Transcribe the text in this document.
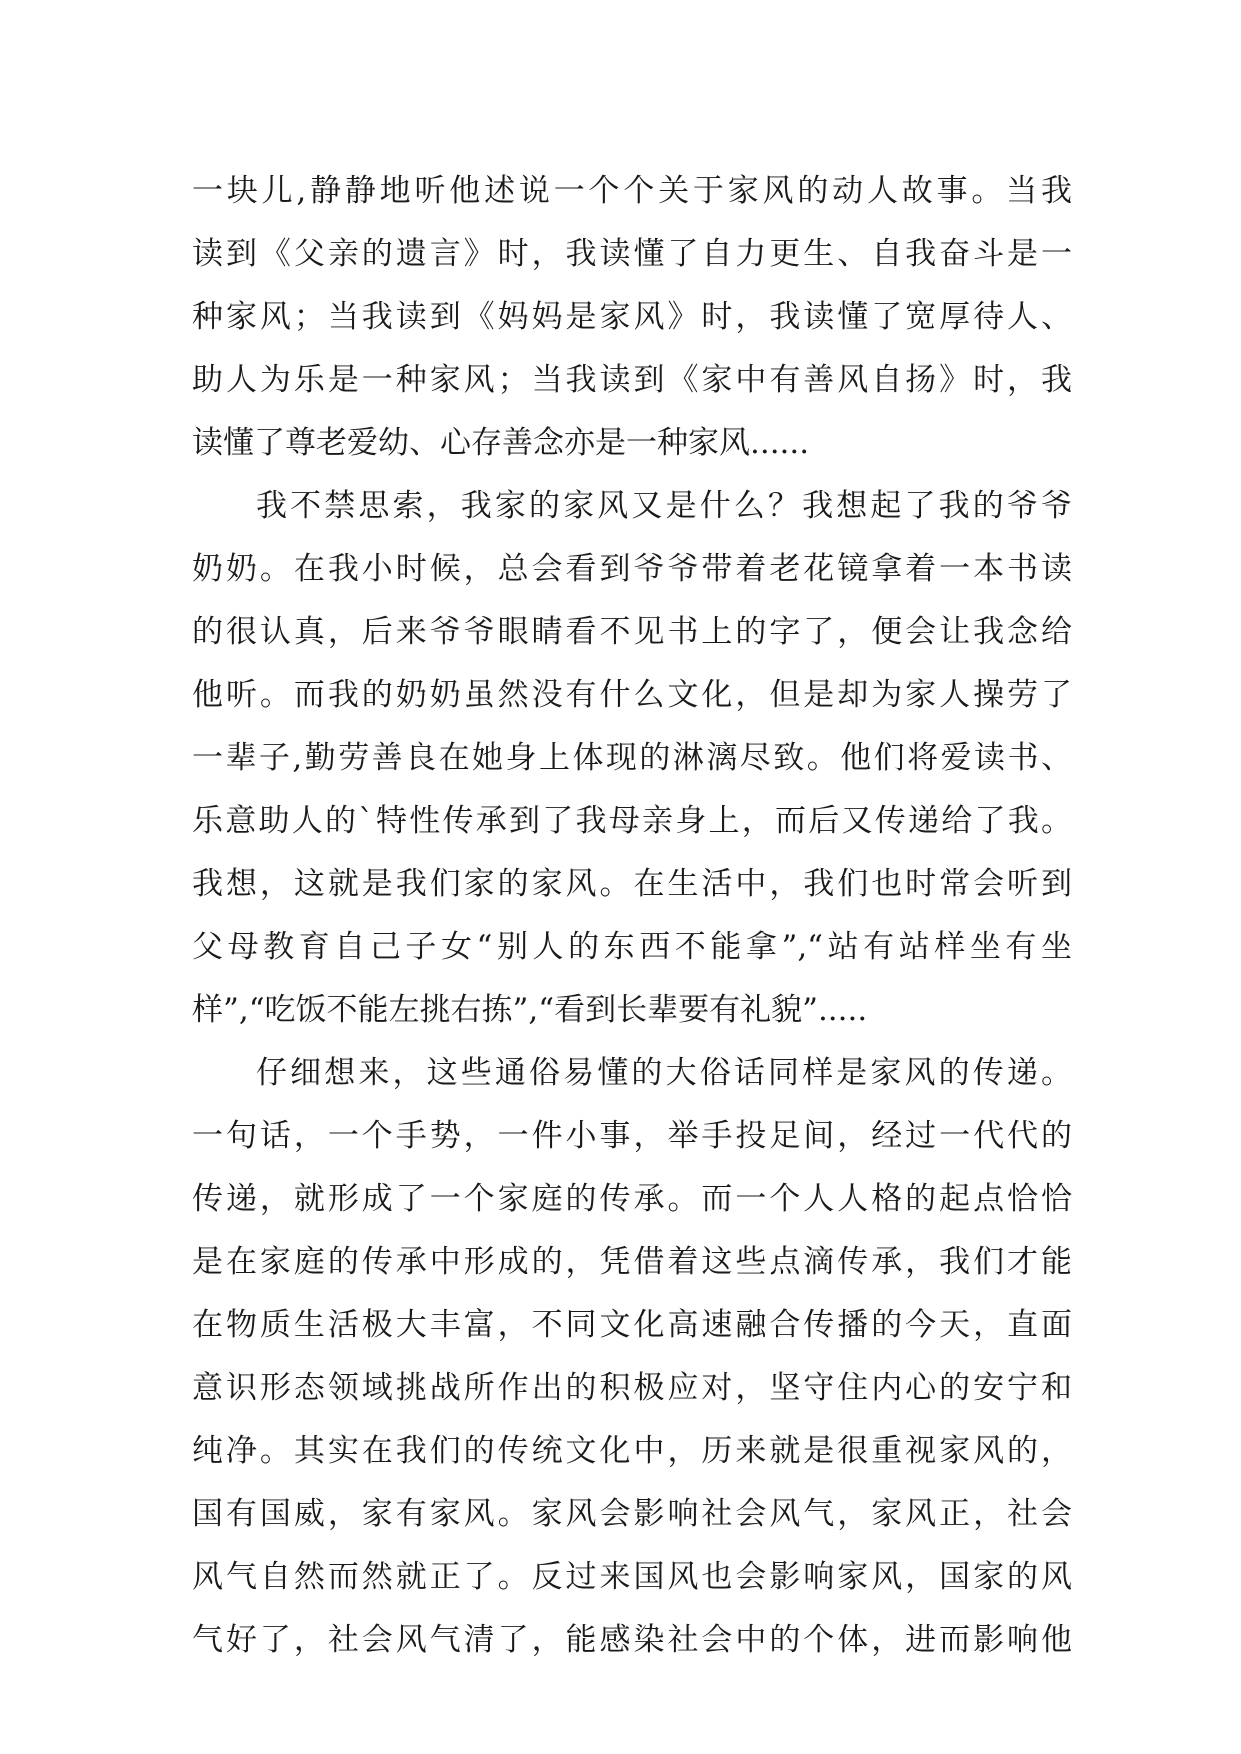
一块儿,静静地听他述说一个个关于家风的动人故事。当我
读到《父亲的遗言》时，我读懂了自力更生、自我奋斗是一
种家风；当我读到《妈妈是家风》时，我读懂了宽厚待人、
助人为乐是一种家风；当我读到《家中有善风自扬》时，我
读懂了尊老爱幼、心存善念亦是一种家风......
我不禁思索，我家的家风又是什么？我想起了我的爷爷
奶奶。在我小时候，总会看到爷爷带着老花镜拿着一本书读
的很认真，后来爷爷眼睛看不见书上的字了，便会让我念给
他听。而我的奶奶虽然没有什么文化，但是却为家人操劳了
一辈子,勤劳善良在她身上体现的淋漓尽致。他们将爱读书、
乐意助人的`特性传承到了我母亲身上，而后又传递给了我。
我想，这就是我们家的家风。在生活中，我们也时常会听到
父母教育自己子女“别人的东西不能拿”,“站有站样坐有坐
样”,“吃饭不能左挑右拣”,“看到长辈要有礼貌”.....
仔细想来，这些通俗易懂的大俗话同样是家风的传递。
一句话，一个手势，一件小事，举手投足间，经过一代代的
传递，就形成了一个家庭的传承。而一个人人格的起点恰恰
是在家庭的传承中形成的，凭借着这些点滴传承，我们才能
在物质生活极大丰富，不同文化高速融合传播的今天，直面
意识形态领域挑战所作出的积极应对，坚守住内心的安宁和
纯净。其实在我们的传统文化中，历来就是很重视家风的，
国有国威，家有家风。家风会影响社会风气，家风正，社会
风气自然而然就正了。反过来国风也会影响家风，国家的风
气好了，社会风气清了，能感染社会中的个体，进而影响他
